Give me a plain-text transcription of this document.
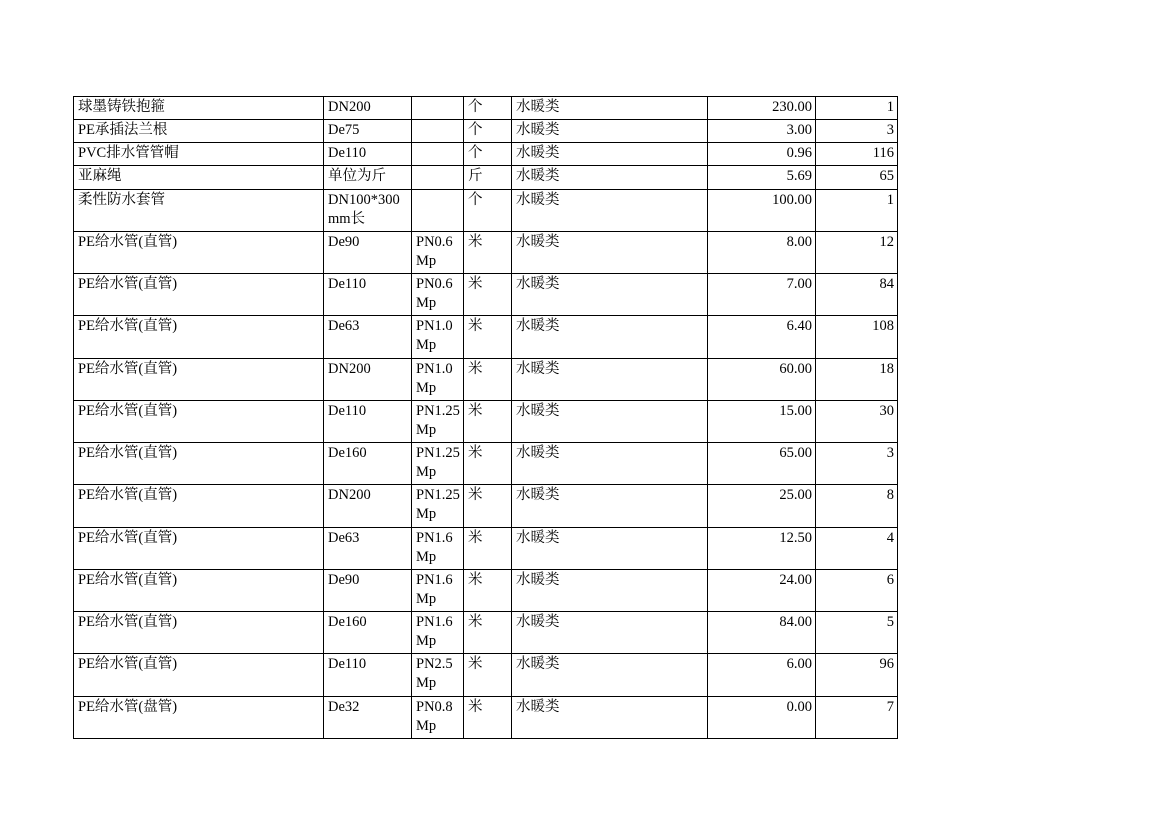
球墨铸铁抱箍	DN200		个	水暖类	230.00	1
PE承插法兰根	De75		个	水暖类	3.00	3
PVC排水管管帽	De110		个	水暖类	0.96	116
亚麻绳	单位为斤		斤	水暖类	5.69	65
柔性防水套管	DN100*300mm长		个	水暖类	100.00	1
PE给水管(直管)	De90	PN0.6Mp	米	水暖类	8.00	12
PE给水管(直管)	De110	PN0.6Mp	米	水暖类	7.00	84
PE给水管(直管)	De63	PN1.0Mp	米	水暖类	6.40	108
PE给水管(直管)	DN200	PN1.0Mp	米	水暖类	60.00	18
PE给水管(直管)	De110	PN1.25Mp	米	水暖类	15.00	30
PE给水管(直管)	De160	PN1.25Mp	米	水暖类	65.00	3
PE给水管(直管)	DN200	PN1.25Mp	米	水暖类	25.00	8
PE给水管(直管)	De63	PN1.6Mp	米	水暖类	12.50	4
PE给水管(直管)	De90	PN1.6Mp	米	水暖类	24.00	6
PE给水管(直管)	De160	PN1.6Mp	米	水暖类	84.00	5
PE给水管(直管)	De110	PN2.5Mp	米	水暖类	6.00	96
PE给水管(盘管)	De32	PN0.8Mp	米	水暖类	0.00	7
